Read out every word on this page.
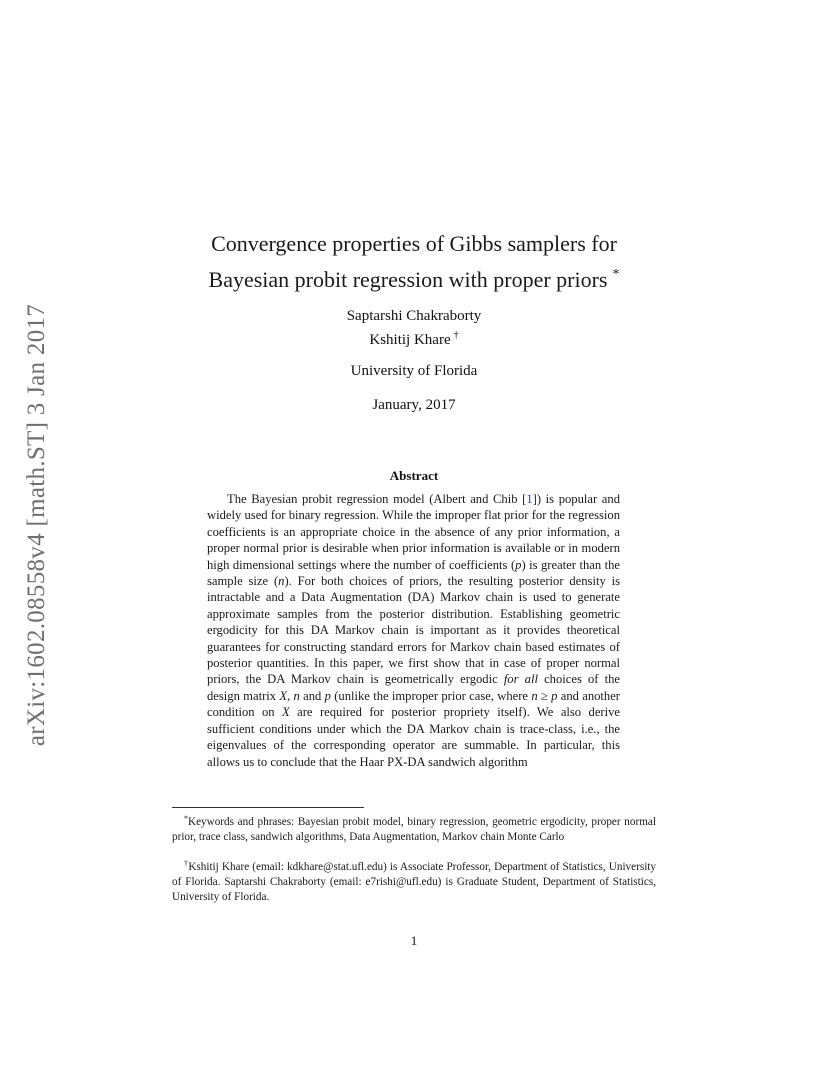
arXiv:1602.08558v4 [math.ST] 3 Jan 2017
Convergence properties of Gibbs samplers for
Bayesian probit regression with proper priors *
Saptarshi Chakraborty
Kshitij Khare †
University of Florida
January, 2017
Abstract

The Bayesian probit regression model (Albert and Chib [1]) is popular and widely used for binary regression. While the improper flat prior for the regression coefficients is an appropriate choice in the absence of any prior information, a proper normal prior is desirable when prior information is available or in modern high dimensional settings where the number of coefficients (p) is greater than the sample size (n). For both choices of priors, the resulting posterior density is intractable and a Data Augmentation (DA) Markov chain is used to generate approximate samples from the posterior distribution. Establishing geometric ergodicity for this DA Markov chain is important as it provides theoretical guarantees for constructing standard errors for Markov chain based estimates of posterior quantities. In this paper, we first show that in case of proper normal priors, the DA Markov chain is geometrically ergodic for all choices of the design matrix X, n and p (unlike the improper prior case, where n ≥ p and another condition on X are required for posterior propriety itself). We also derive sufficient conditions under which the DA Markov chain is trace-class, i.e., the eigenvalues of the corresponding operator are summable. In particular, this allows us to conclude that the Haar PX-DA sandwich algorithm

*Keywords and phrases: Bayesian probit model, binary regression, geometric ergodicity, proper normal prior, trace class, sandwich algorithms, Data Augmentation, Markov chain Monte Carlo

†Kshitij Khare (email: kdkhare@stat.ufl.edu) is Associate Professor, Department of Statistics, University of Florida. Saptarshi Chakraborty (email: e7rishi@ufl.edu) is Graduate Student, Department of Statistics, University of Florida.

1
